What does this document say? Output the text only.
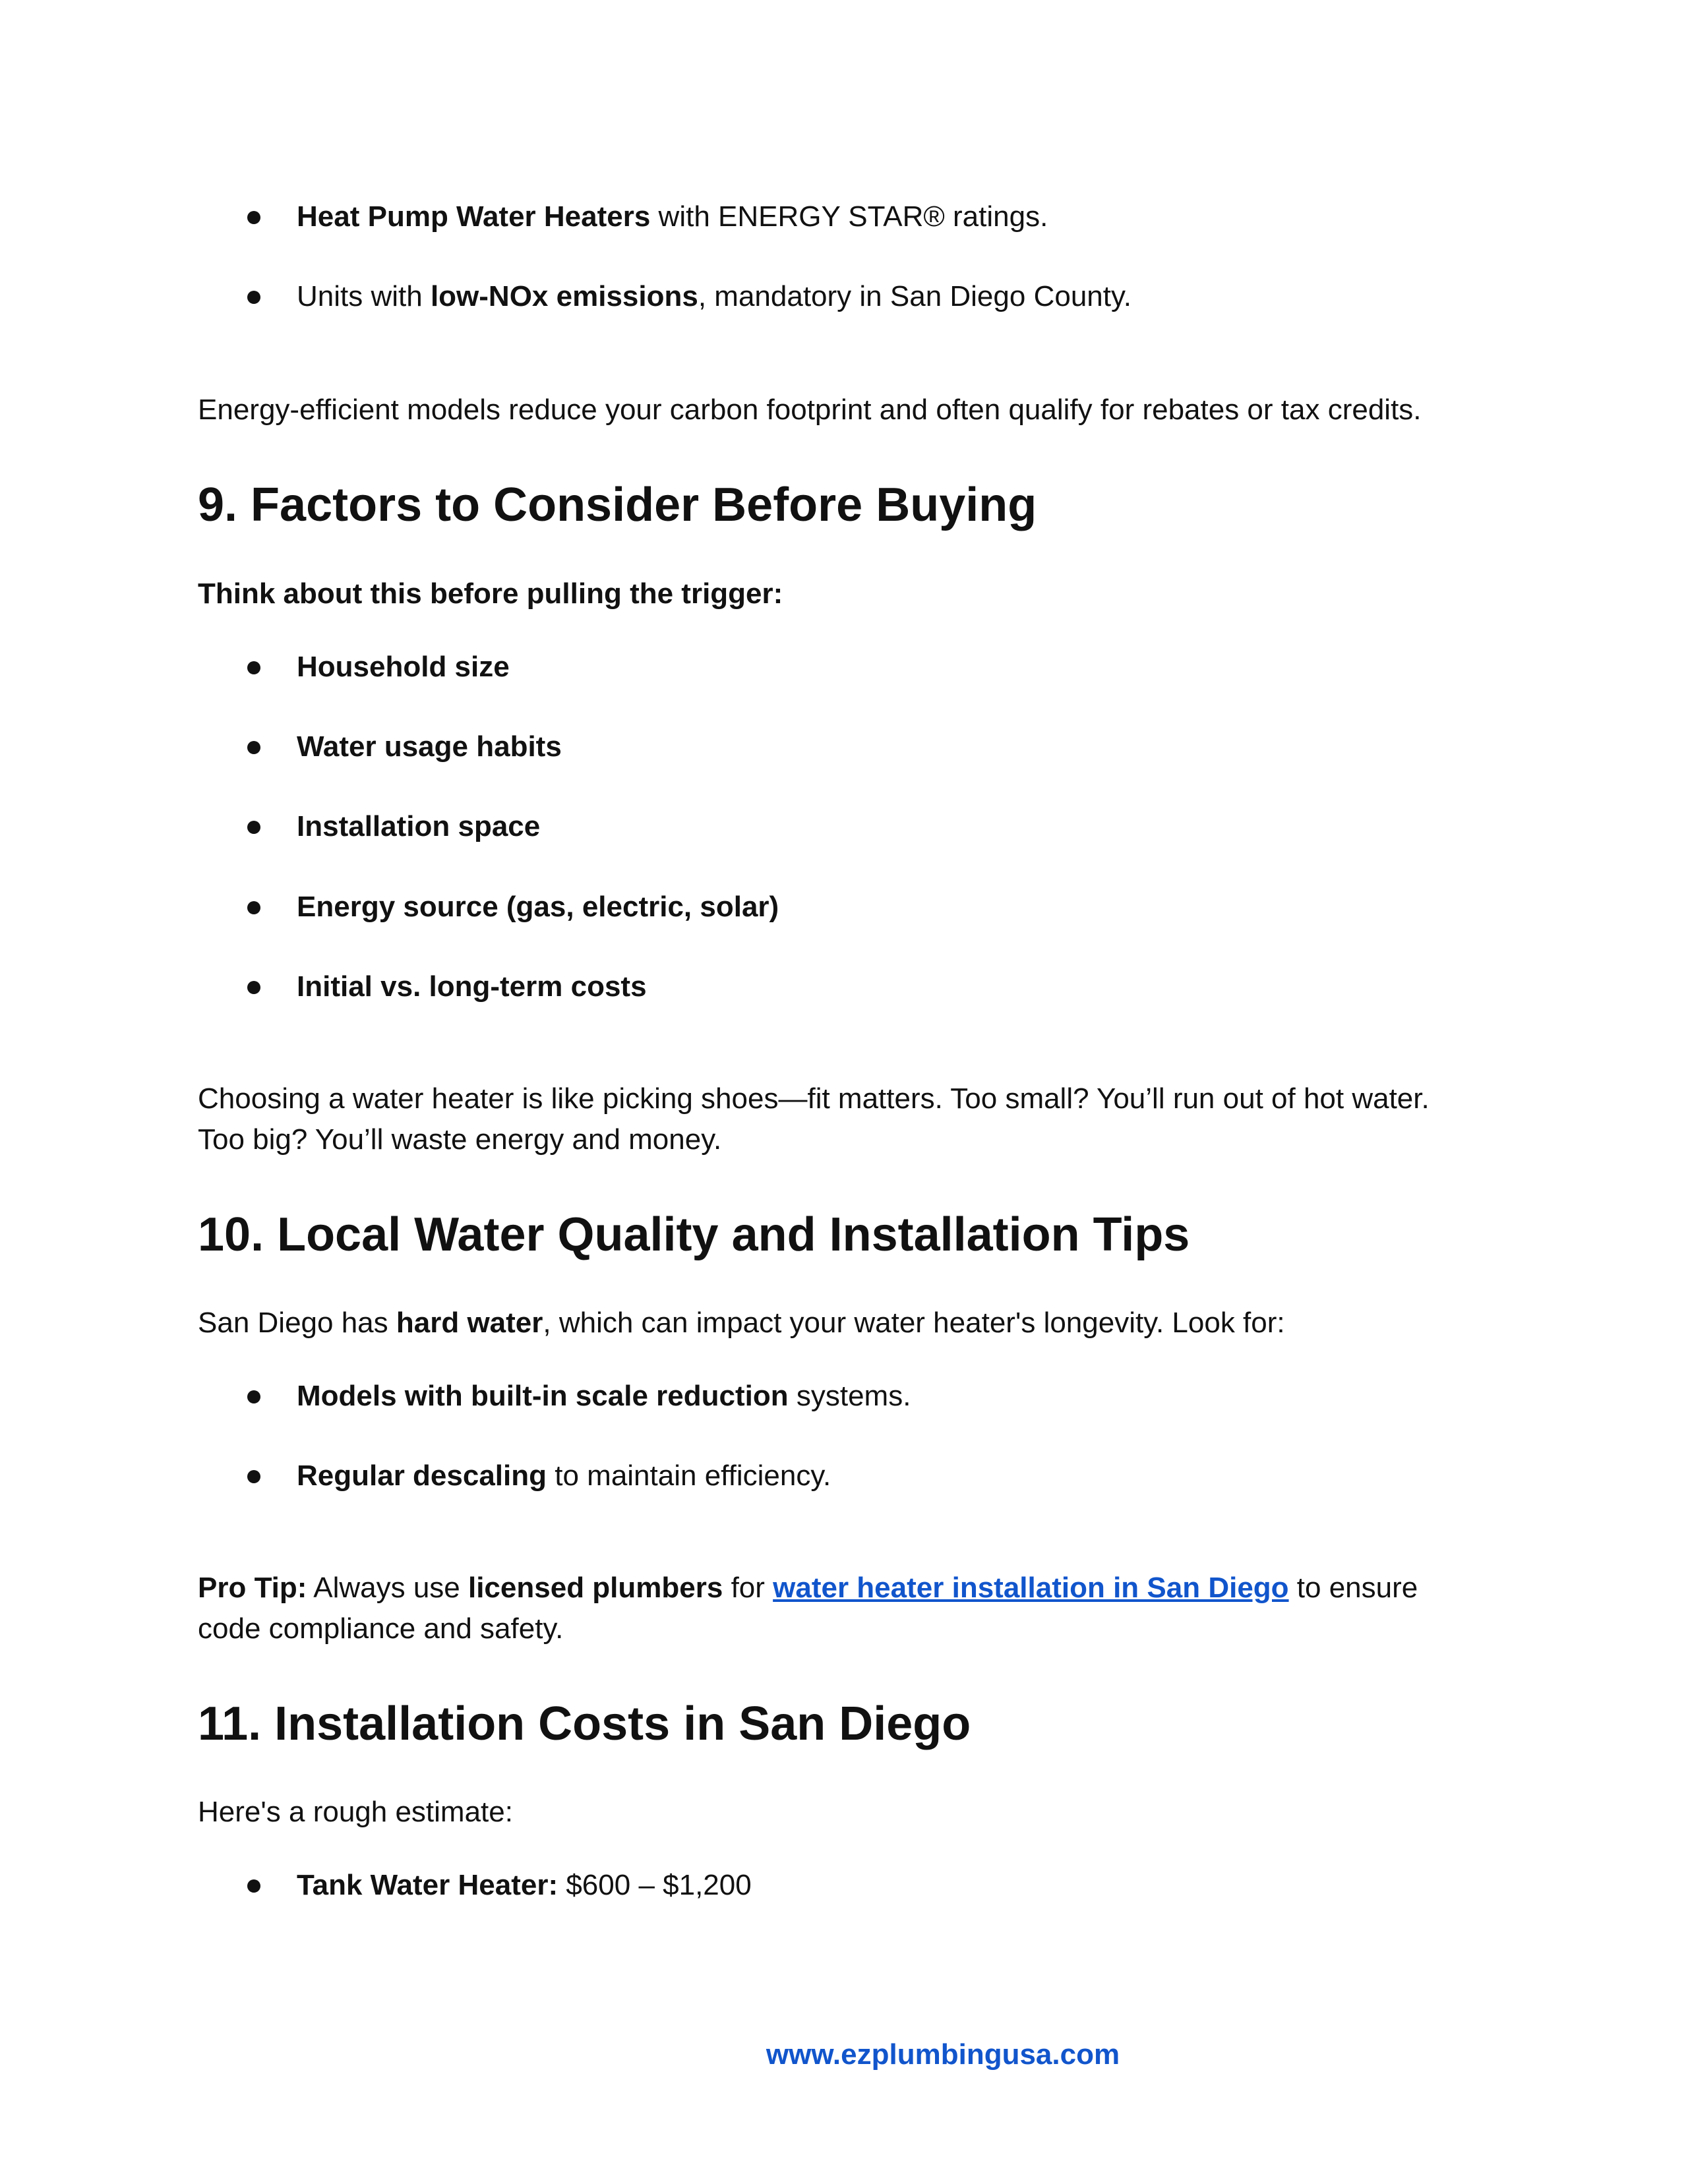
Heat Pump Water Heaters with ENERGY STAR® ratings.
Units with low-NOx emissions, mandatory in San Diego County.
Energy-efficient models reduce your carbon footprint and often qualify for rebates or tax credits.
9. Factors to Consider Before Buying
Think about this before pulling the trigger:
Household size
Water usage habits
Installation space
Energy source (gas, electric, solar)
Initial vs. long-term costs
Choosing a water heater is like picking shoes—fit matters. Too small? You’ll run out of hot water.
Too big? You’ll waste energy and money.
10. Local Water Quality and Installation Tips
San Diego has hard water, which can impact your water heater's longevity. Look for:
Models with built-in scale reduction systems.
Regular descaling to maintain efficiency.
Pro Tip: Always use licensed plumbers for water heater installation in San Diego to ensure
code compliance and safety.
11. Installation Costs in San Diego
Here's a rough estimate:
Tank Water Heater: $600 – $1,200
www.ezplumbingusa.com
